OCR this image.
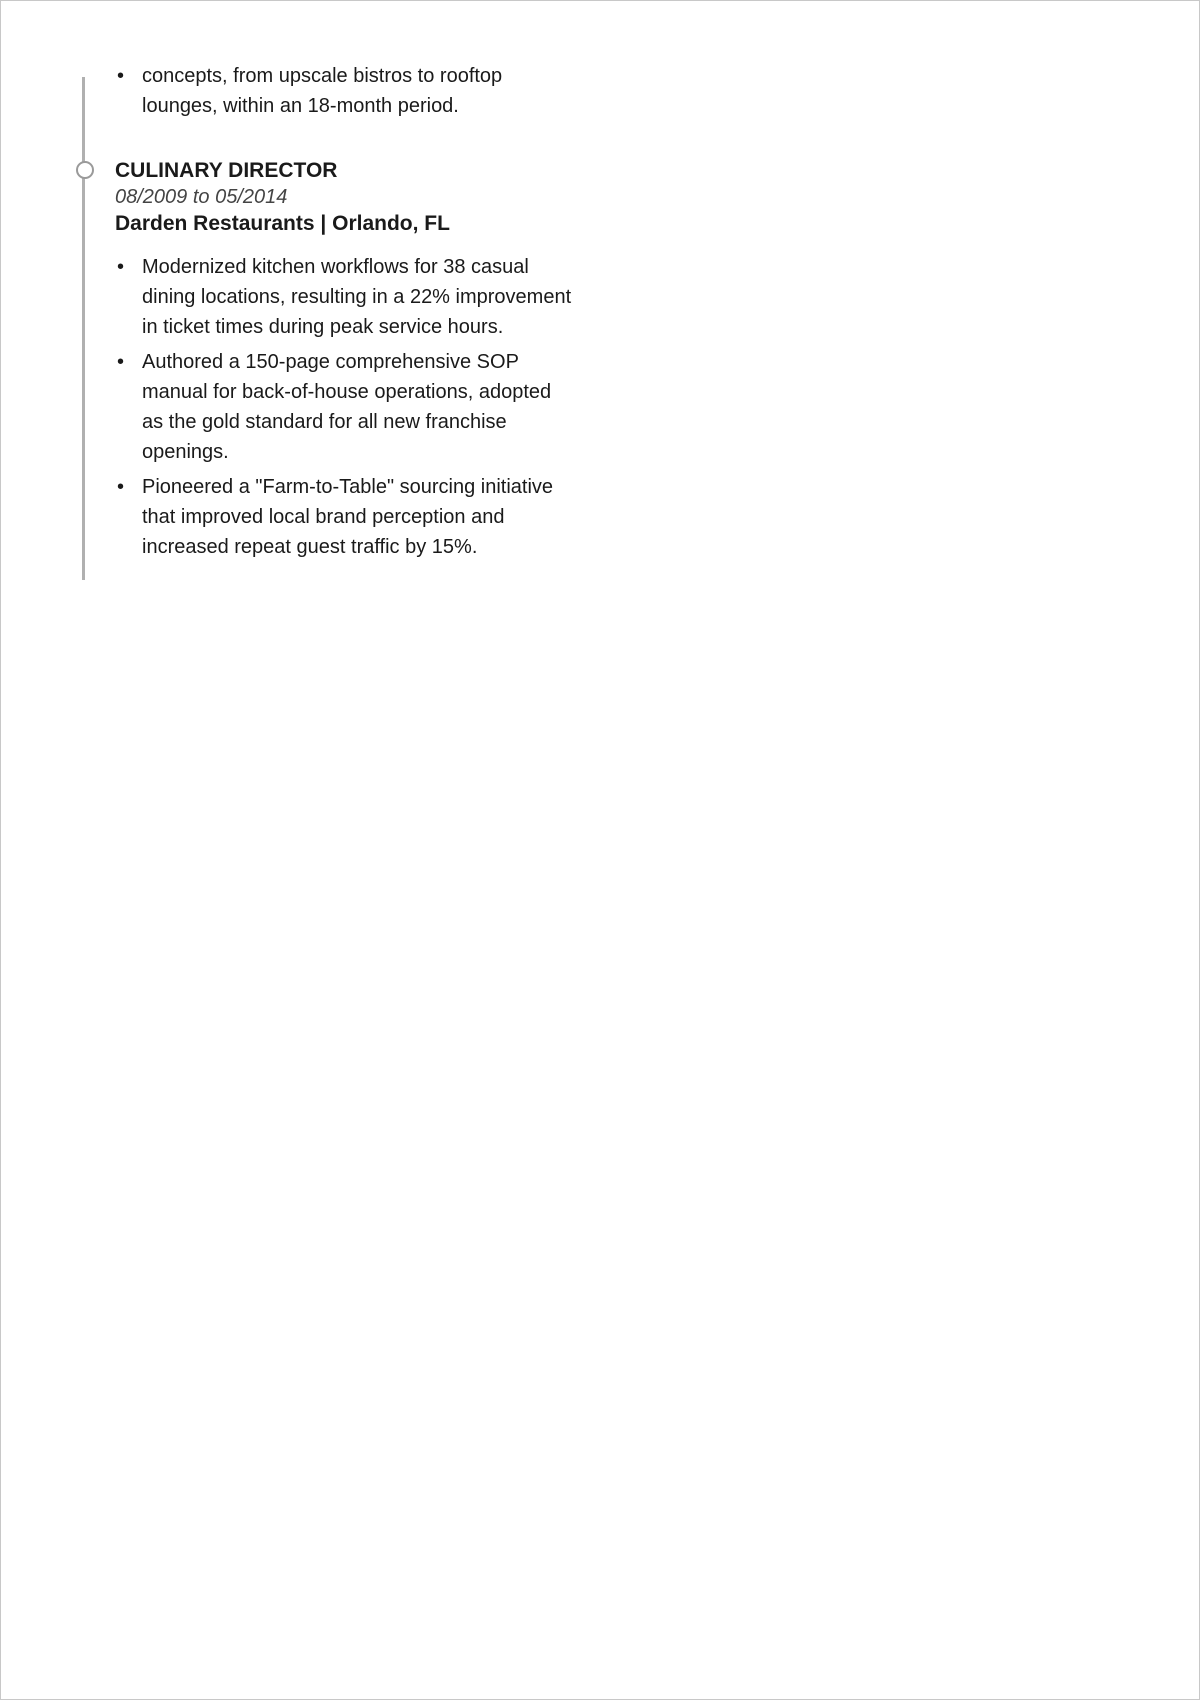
• concepts, from upscale bistros to rooftop lounges, within an 18-month period.
CULINARY DIRECTOR
08/2009 to 05/2014
Darden Restaurants | Orlando, FL
• Modernized kitchen workflows for 38 casual dining locations, resulting in a 22% improvement in ticket times during peak service hours.
• Authored a 150-page comprehensive SOP manual for back-of-house operations, adopted as the gold standard for all new franchise openings.
• Pioneered a "Farm-to-Table" sourcing initiative that improved local brand perception and increased repeat guest traffic by 15%.
